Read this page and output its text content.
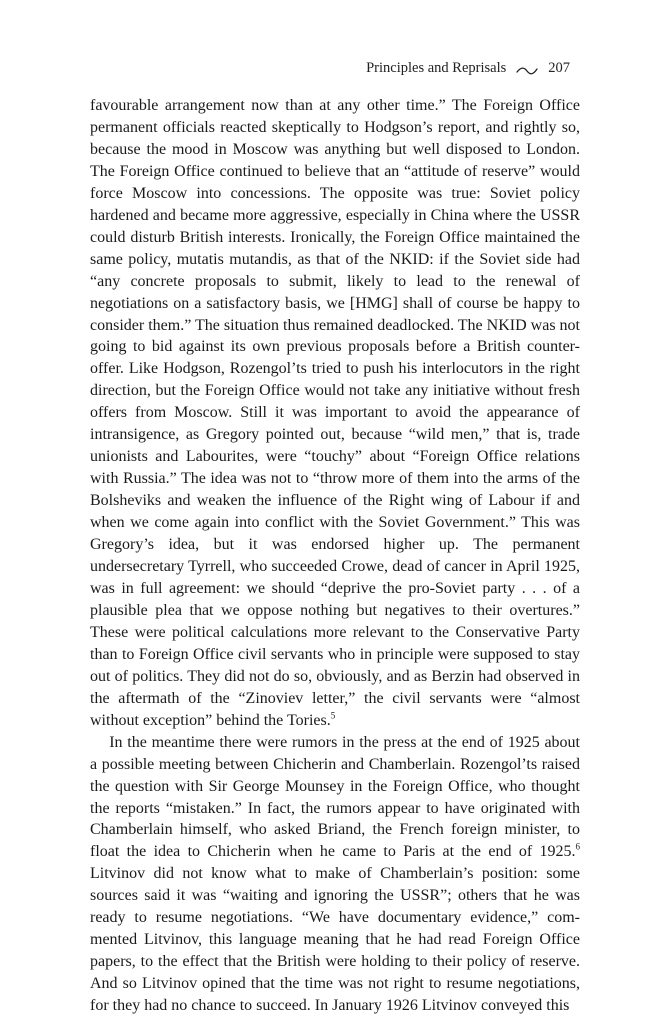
Principles and Reprisals	207

favourable arrangement now than at any other time.” The Foreign Office permanent officials reacted skeptically to Hodgson’s report, and rightly so, because the mood in Moscow was anything but well disposed to London. The Foreign Office continued to believe that an “attitude of reserve” would force Moscow into concessions. The opposite was true: Soviet policy hardened and became more aggressive, especially in China where the USSR could disturb British interests. Ironically, the Foreign Office maintained the same policy, mutatis mutandis, as that of the NKID: if the Soviet side had “any concrete proposals to submit, likely to lead to the renewal of negotiations on a satisfactory basis, we [HMG] shall of course be happy to consider them.” The situation thus remained deadlocked. The NKID was not going to bid against its own previous proposals before a British counter-offer. Like Hodgson, Rozengol’ts tried to push his interlocutors in the right direction, but the Foreign Office would not take any initiative without fresh offers from Moscow. Still it was important to avoid the appearance of intransigence, as Gregory pointed out, because “wild men,” that is, trade unionists and Labourites, were “touchy” about “Foreign Office relations with Russia.” The idea was not to “throw more of them into the arms of the Bolsheviks and weaken the influence of the Right wing of Labour if and when we come again into conflict with the Soviet Government.” This was Gregory’s idea, but it was endorsed higher up. The permanent undersecretary Tyrrell, who succeeded Crowe, dead of cancer in April 1925, was in full agreement: we should “deprive the pro-Soviet party . . . of a plausible plea that we oppose nothing but negatives to their overtures.” These were political calculations more relevant to the Conservative Party than to Foreign Office civil servants who in principle were supposed to stay out of politics. They did not do so, obviously, and as Berzin had observed in the aftermath of the “Zinoviev letter,” the civil servants were “almost without exception” behind the Tories.$^5$

In the meantime there were rumors in the press at the end of 1925 about a possible meeting between Chicherin and Chamberlain. Rozengol’ts raised the question with Sir George Mounsey in the Foreign Office, who thought the reports “mistaken.” In fact, the rumors appear to have originated with Chamberlain himself, who asked Briand, the French foreign minister, to float the idea to Chicherin when he came to Paris at the end of 1925.$^6$ Litvinov did not know what to make of Chamberlain’s position: some sources said it was “waiting and ignoring the USSR”; others that he was ready to resume negotiations. “We have documentary evidence,” commented Litvinov, this language meaning that he had read Foreign Office papers, to the effect that the British were holding to their policy of reserve. And so Litvinov opined that the time was not right to resume negotiations, for they had no chance to succeed. In January 1926 Litvinov conveyed this
